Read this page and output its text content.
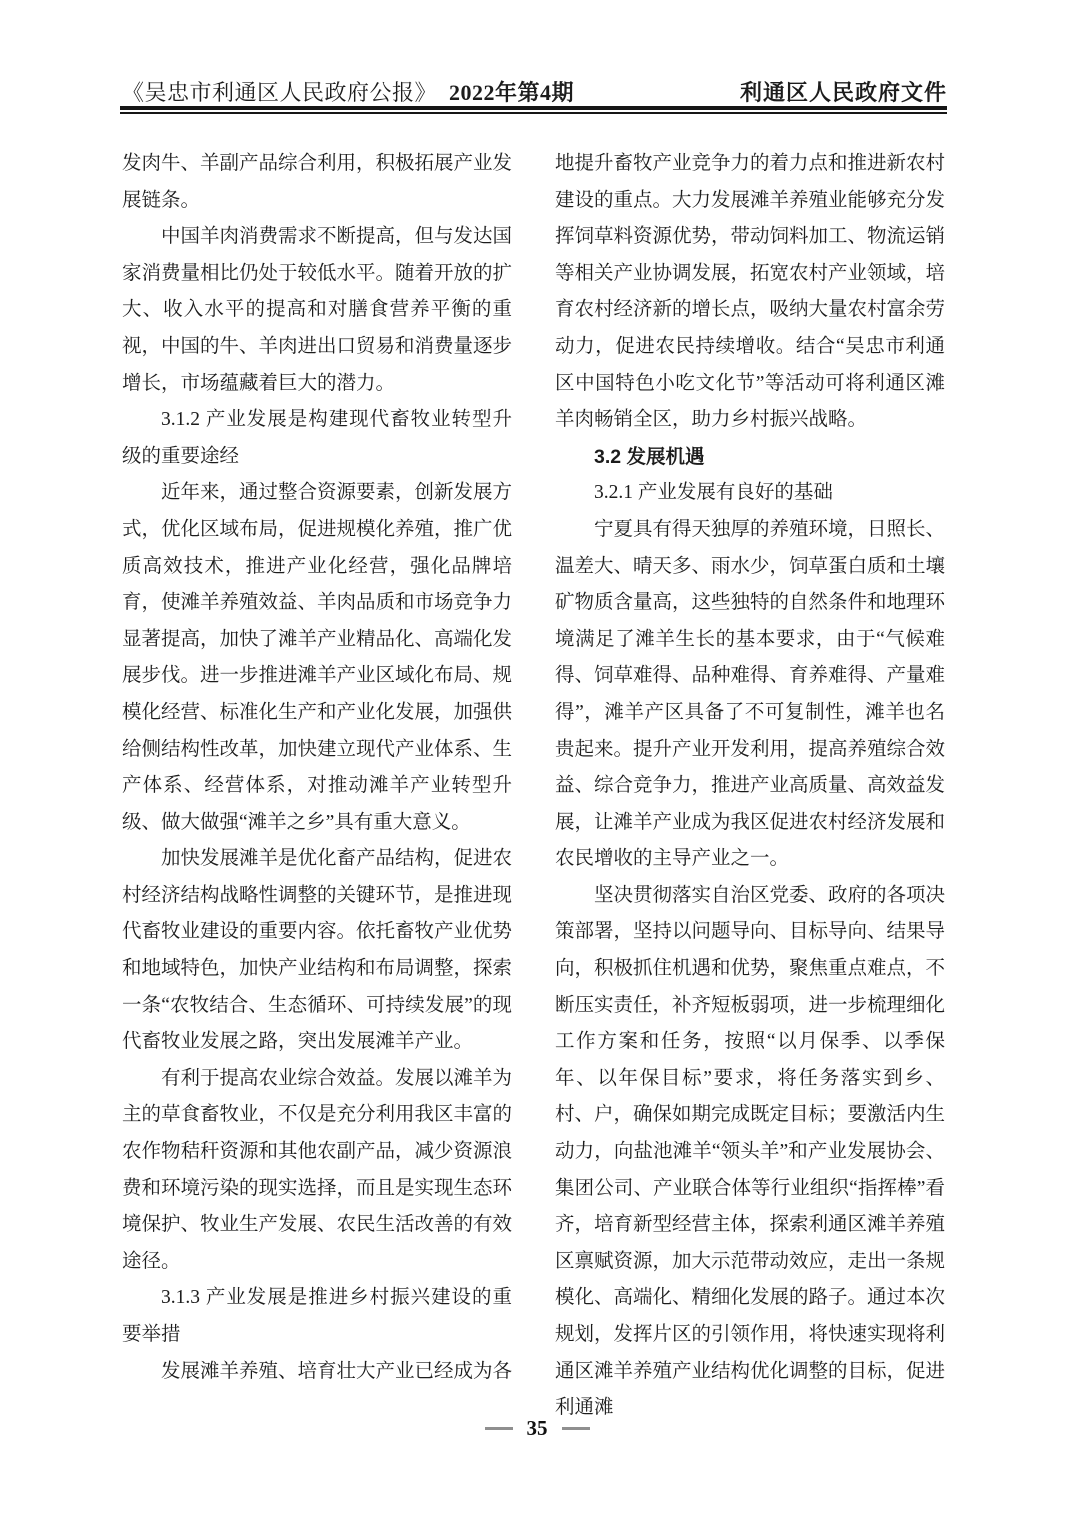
《吴忠市利通区人民政府公报》 2022年第4期	利通区人民政府文件

发肉牛、羊副产品综合利用，积极拓展产业发展链条。

中国羊肉消费需求不断提高，但与发达国家消费量相比仍处于较低水平。随着开放的扩大、收入水平的提高和对膳食营养平衡的重视，中国的牛、羊肉进出口贸易和消费量逐步增长，市场蕴藏着巨大的潜力。

3.1.2 产业发展是构建现代畜牧业转型升级的重要途经

近年来，通过整合资源要素，创新发展方式，优化区域布局，促进规模化养殖，推广优质高效技术，推进产业化经营，强化品牌培育，使滩羊养殖效益、羊肉品质和市场竞争力显著提高，加快了滩羊产业精品化、高端化发展步伐。进一步推进滩羊产业区域化布局、规模化经营、标准化生产和产业化发展，加强供给侧结构性改革，加快建立现代产业体系、生产体系、经营体系，对推动滩羊产业转型升级、做大做强“滩羊之乡”具有重大意义。

加快发展滩羊是优化畜产品结构，促进农村经济结构战略性调整的关键环节，是推进现代畜牧业建设的重要内容。依托畜牧产业优势和地域特色，加快产业结构和布局调整，探索一条“农牧结合、生态循环、可持续发展”的现代畜牧业发展之路，突出发展滩羊产业。

有利于提高农业综合效益。发展以滩羊为主的草食畜牧业，不仅是充分利用我区丰富的农作物秸秆资源和其他农副产品，减少资源浪费和环境污染的现实选择，而且是实现生态环境保护、牧业生产发展、农民生活改善的有效途径。

3.1.3 产业发展是推进乡村振兴建设的重要举措

发展滩羊养殖、培育壮大产业已经成为各

地提升畜牧产业竞争力的着力点和推进新农村建设的重点。大力发展滩羊养殖业能够充分发挥饲草料资源优势，带动饲料加工、物流运销等相关产业协调发展，拓宽农村产业领域，培育农村经济新的增长点，吸纳大量农村富余劳动力，促进农民持续增收。结合“吴忠市利通区中国特色小吃文化节”等活动可将利通区滩羊肉畅销全区，助力乡村振兴战略。

3.2 发展机遇

3.2.1 产业发展有良好的基础

宁夏具有得天独厚的养殖环境，日照长、温差大、晴天多、雨水少，饲草蛋白质和土壤矿物质含量高，这些独特的自然条件和地理环境满足了滩羊生长的基本要求，由于“气候难得、饲草难得、品种难得、育养难得、产量难得”，滩羊产区具备了不可复制性，滩羊也名贵起来。提升产业开发利用，提高养殖综合效益、综合竞争力，推进产业高质量、高效益发展，让滩羊产业成为我区促进农村经济发展和农民增收的主导产业之一。

坚决贯彻落实自治区党委、政府的各项决策部署，坚持以问题导向、目标导向、结果导向，积极抓住机遇和优势，聚焦重点难点，不断压实责任，补齐短板弱项，进一步梳理细化工作方案和任务，按照“以月保季、以季保年、以年保目标”要求，将任务落实到乡、村、户，确保如期完成既定目标；要激活内生动力，向盐池滩羊“领头羊”和产业发展协会、集团公司、产业联合体等行业组织“指挥棒”看齐，培育新型经营主体，探索利通区滩羊养殖区禀赋资源，加大示范带动效应，走出一条规模化、高端化、精细化发展的路子。通过本次规划，发挥片区的引领作用，将快速实现将利通区滩羊养殖产业结构优化调整的目标，促进利通滩

35
